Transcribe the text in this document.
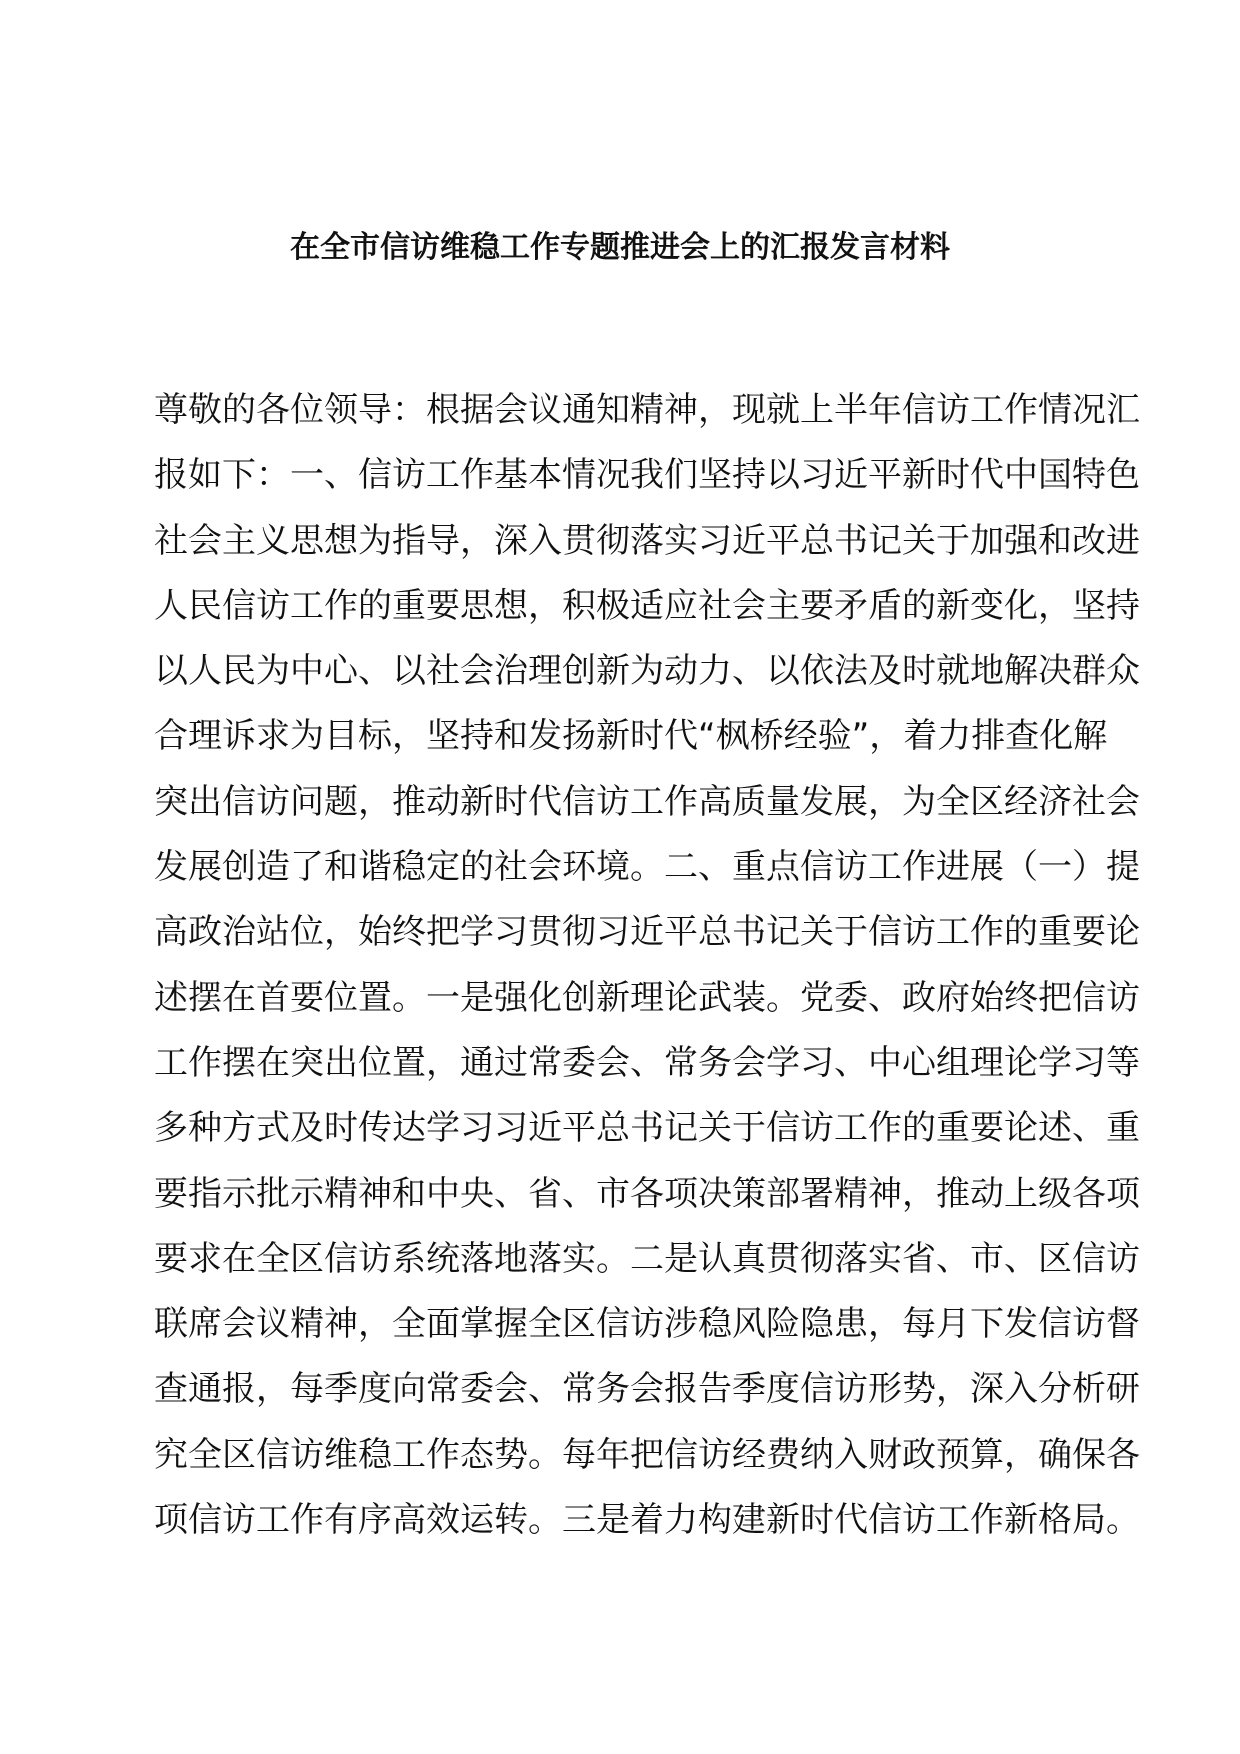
在全市信访维稳工作专题推进会上的汇报发言材料
尊敬的各位领导：根据会议通知精神，现就上半年信访工作情况汇
报如下：一、信访工作基本情况我们坚持以习近平新时代中国特色
社会主义思想为指导，深入贯彻落实习近平总书记关于加强和改进
人民信访工作的重要思想，积极适应社会主要矛盾的新变化，坚持
以人民为中心、以社会治理创新为动力、以依法及时就地解决群众
合理诉求为目标，坚持和发扬新时代“枫桥经验”，着力排查化解
突出信访问题，推动新时代信访工作高质量发展，为全区经济社会
发展创造了和谐稳定的社会环境。二、重点信访工作进展（一）提
高政治站位，始终把学习贯彻习近平总书记关于信访工作的重要论
述摆在首要位置。一是强化创新理论武装。党委、政府始终把信访
工作摆在突出位置，通过常委会、常务会学习、中心组理论学习等
多种方式及时传达学习习近平总书记关于信访工作的重要论述、重
要指示批示精神和中央、省、市各项决策部署精神，推动上级各项
要求在全区信访系统落地落实。二是认真贯彻落实省、市、区信访
联席会议精神，全面掌握全区信访涉稳风险隐患，每月下发信访督
查通报，每季度向常委会、常务会报告季度信访形势，深入分析研
究全区信访维稳工作态势。每年把信访经费纳入财政预算，确保各
项信访工作有序高效运转。三是着力构建新时代信访工作新格局。
